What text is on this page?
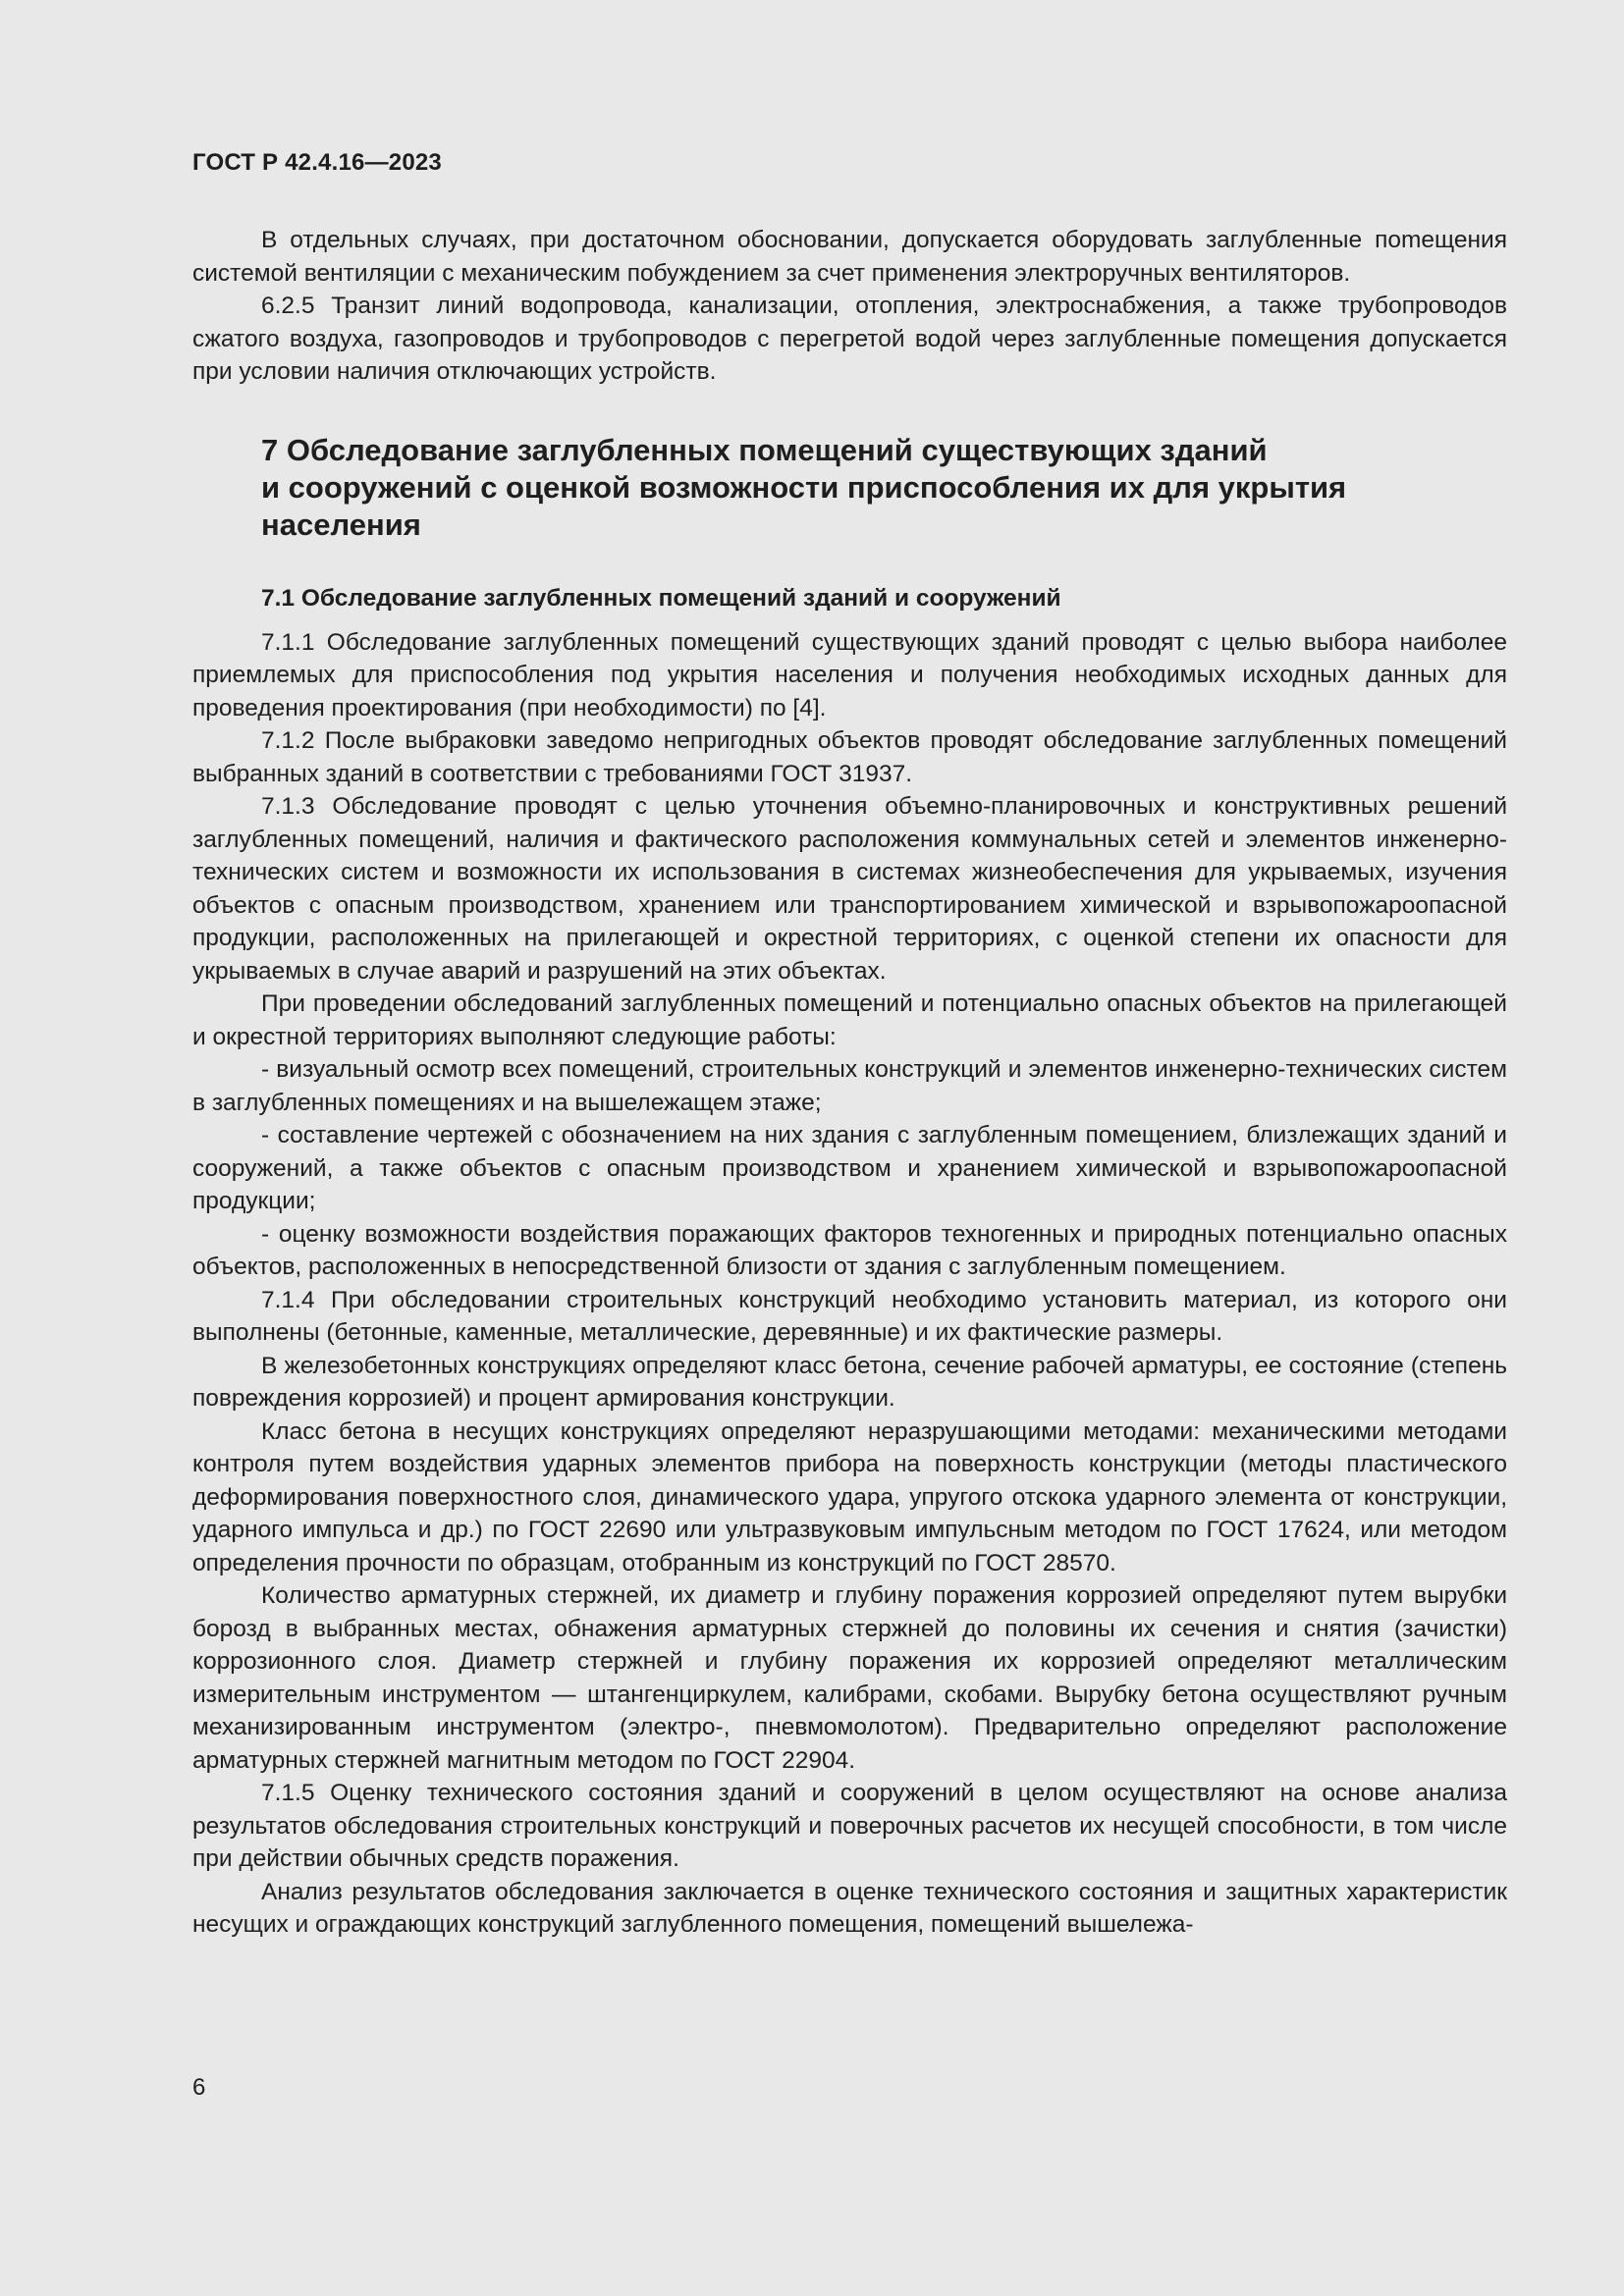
ГОСТ Р 42.4.16—2023

В отдельных случаях, при достаточном обосновании, допускается оборудовать заглубленные поmещения системой вентиляции с механическим побуждением за счет применения электроручных вентиляторов.

6.2.5 Транзит линий водопровода, канализации, отопления, электроснабжения, а также трубопроводов сжатого воздуха, газопроводов и трубопроводов с перегретой водой через заглубленные помещения допускается при условии наличия отключающих устройств.

7 Обследование заглубленных помещений существующих зданий
и сооружений с оценкой возможности приспособления их для укрытия
населения
7.1 Обследование заглубленных помещений зданий и сооружений

7.1.1 Обследование заглубленных помещений существующих зданий проводят с целью выбора наиболее приемлемых для приспособления под укрытия населения и получения необходимых исходных данных для проведения проектирования (при необходимости) по [4].

7.1.2 После выбраковки заведомо непригодных объектов проводят обследование заглубленных помещений выбранных зданий в соответствии с требованиями ГОСТ 31937.

7.1.3 Обследование проводят с целью уточнения объемно-планировочных и конструктивных решений заглубленных помещений, наличия и фактического расположения коммунальных сетей и элементов инженерно-технических систем и возможности их использования в системах жизнеобеспечения для укрываемых, изучения объектов с опасным производством, хранением или транспортированием химической и взрывопожароопасной продукции, расположенных на прилегающей и окрестной территориях, с оценкой степени их опасности для укрываемых в случае аварий и разрушений на этих объектах.

При проведении обследований заглубленных помещений и потенциально опасных объектов на прилегающей и окрестной территориях выполняют следующие работы:

- визуальный осмотр всех помещений, строительных конструкций и элементов инженерно-технических систем в заглубленных помещениях и на вышележащем этаже;

- составление чертежей с обозначением на них здания с заглубленным помещением, близлежащих зданий и сооружений, а также объектов с опасным производством и хранением химической и взрывопожароопасной продукции;

- оценку возможности воздействия поражающих факторов техногенных и природных потенциально опасных объектов, расположенных в непосредственной близости от здания с заглубленным помещением.

7.1.4 При обследовании строительных конструкций необходимо установить материал, из которого они выполнены (бетонные, каменные, металлические, деревянные) и их фактические размеры.

В железобетонных конструкциях определяют класс бетона, сечение рабочей арматуры, ее состояние (степень повреждения коррозией) и процент армирования конструкции.

Класс бетона в несущих конструкциях определяют неразрушающими методами: механическими методами контроля путем воздействия ударных элементов прибора на поверхность конструкции (методы пластического деформирования поверхностного слоя, динамического удара, упругого отскока ударного элемента от конструкции, ударного импульса и др.) по ГОСТ 22690 или ультразвуковым импульсным методом по ГОСТ 17624, или методом определения прочности по образцам, отобранным из конструкций по ГОСТ 28570.

Количество арматурных стержней, их диаметр и глубину поражения коррозией определяют путем вырубки борозд в выбранных местах, обнажения арматурных стержней до половины их сечения и снятия (зачистки) коррозионного слоя. Диаметр стержней и глубину поражения их коррозией определяют металлическим измерительным инструментом — штангенциркулем, калибрами, скобами. Вырубку бетона осуществляют ручным механизированным инструментом (электро-, пневмомолотом). Предварительно определяют расположение арматурных стержней магнитным методом по ГОСТ 22904.

7.1.5 Оценку технического состояния зданий и сооружений в целом осуществляют на основе анализа результатов обследования строительных конструкций и поверочных расчетов их несущей способности, в том числе при действии обычных средств поражения.

Анализ результатов обследования заключается в оценке технического состояния и защитных характеристик несущих и ограждающих конструкций заглубленного помещения, помещений вышележа-

6
